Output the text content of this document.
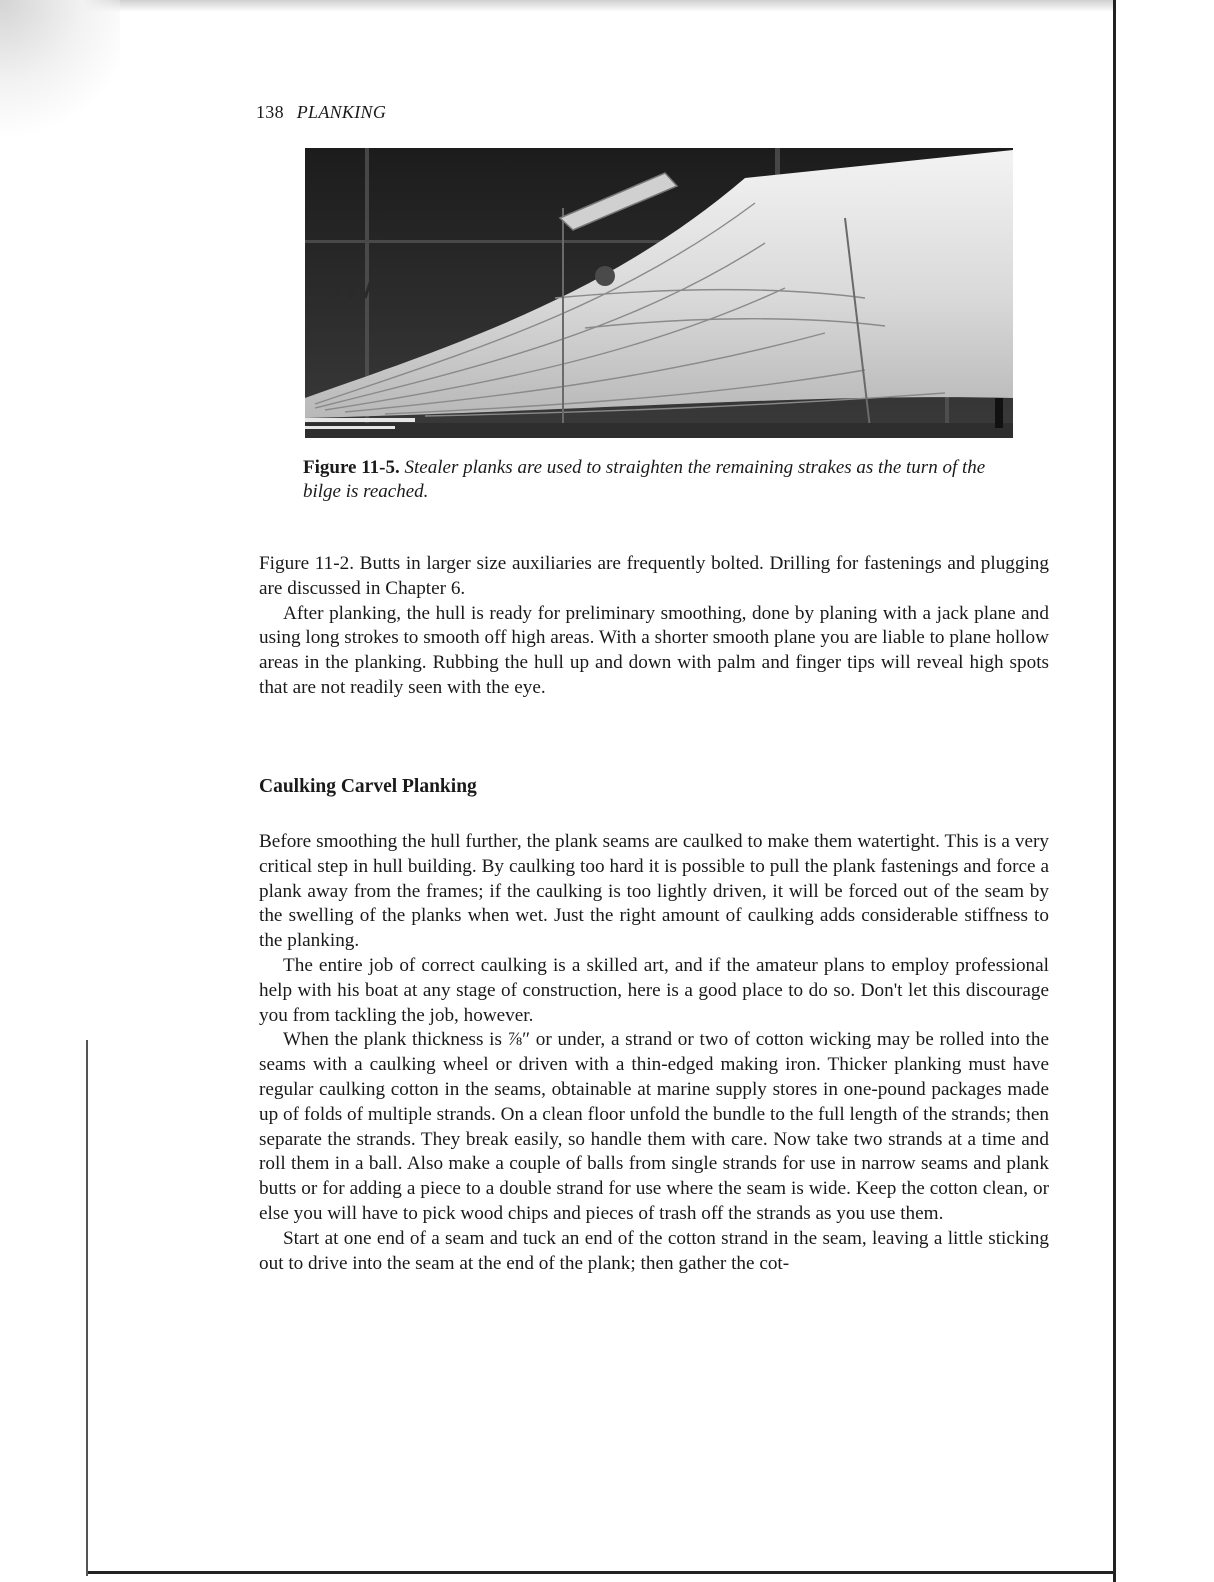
138 PLANKING
Figure 11-5. Stealer planks are used to straighten the remaining strakes as the turn of the bilge is reached.

Figure 11-2. Butts in larger size auxiliaries are frequently bolted. Drilling for fastenings and plugging are discussed in Chapter 6.

After planking, the hull is ready for preliminary smoothing, done by planing with a jack plane and using long strokes to smooth off high areas. With a shorter smooth plane you are liable to plane hollow areas in the planking. Rubbing the hull up and down with palm and finger tips will reveal high spots that are not readily seen with the eye.

Caulking Carvel Planking

Before smoothing the hull further, the plank seams are caulked to make them watertight. This is a very critical step in hull building. By caulking too hard it is possible to pull the plank fastenings and force a plank away from the frames; if the caulking is too lightly driven, it will be forced out of the seam by the swelling of the planks when wet. Just the right amount of caulking adds considerable stiffness to the planking.

The entire job of correct caulking is a skilled art, and if the amateur plans to employ professional help with his boat at any stage of construction, here is a good place to do so. Don't let this discourage you from tackling the job, however.

When the plank thickness is ⅞″ or under, a strand or two of cotton wicking may be rolled into the seams with a caulking wheel or driven with a thin-edged making iron. Thicker planking must have regular caulking cotton in the seams, obtainable at marine supply stores in one-pound packages made up of folds of multiple strands. On a clean floor unfold the bundle to the full length of the strands; then separate the strands. They break easily, so handle them with care. Now take two strands at a time and roll them in a ball. Also make a couple of balls from single strands for use in narrow seams and plank butts or for adding a piece to a double strand for use where the seam is wide. Keep the cotton clean, or else you will have to pick wood chips and pieces of trash off the strands as you use them.

Start at one end of a seam and tuck an end of the cotton strand in the seam, leaving a little sticking out to drive into the seam at the end of the plank; then gather the cot-
